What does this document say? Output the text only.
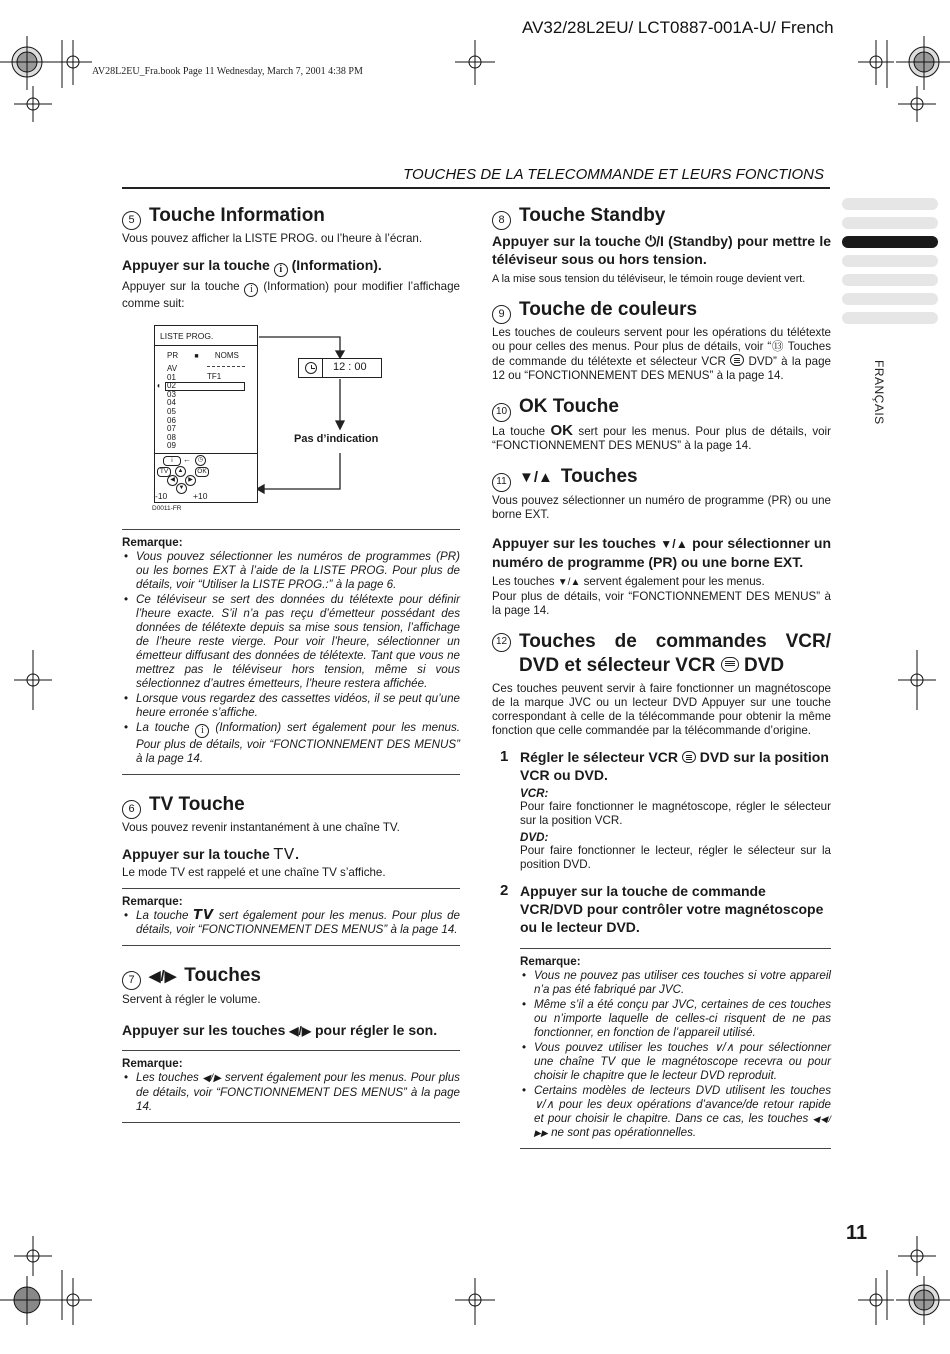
AV32/28L2EU/ LCT0887-001A-U/ French
AV28L2EU_Fra.book Page 11 Wednesday, March 7, 2001 4:38 PM
TOUCHES DE LA TELECOMMANDE ET LEURS FONCTIONS
FRANÇAIS
5 Touche Information

Vous pouvez afficher la LISTE PROG. ou l’heure à l’écran.

Appuyer sur la touche i (Information).

Appuyer sur la touche i (Information) pour modifier l’affichage comme suit:

LISTE PROG.
PR ■ NOMS
TF1
◖
AV
01
02
03
04
05
06
07
08
09
i	←	◷
TV	▲	OK
◀	▶
▼
-10	+10
D0011-FR
12 : 00
Pas d’indication
Remarque:
• Vous pouvez sélectionner les numéros de programmes (PR) ou les bornes EXT à l’aide de la LISTE PROG. Pour plus de détails, voir “Utiliser la LISTE PROG.:” à la page 6.
• Ce téléviseur se sert des données du télétexte pour définir l’heure exacte. S’il n’a pas reçu d’émetteur possédant des données de télétexte depuis sa mise sous tension, l’affichage de l’heure reste vierge. Pour voir l’heure, sélectionner un émetteur diffusant des données de télétexte. Tant que vous ne mettrez pas le téléviseur hors tension, même si vous sélectionnez d’autres émetteurs, l’heure restera affichée.
• Lorsque vous regardez des cassettes vidéos, il se peut qu’une heure erronée s’affiche.
• La touche i (Information) sert également pour les menus. Pour plus de détails, voir “FONCTIONNEMENT DES MENUS” à la page 14.
6 TV Touche

Vous pouvez revenir instantanément à une chaîne TV.

Appuyer sur la touche TV.

Le mode TV est rappelé et une chaîne TV s’affiche.

Remarque:
• La touche TV sert également pour les menus. Pour plus de détails, voir “FONCTIONNEMENT DES MENUS” à la page 14.
7 ◀/▶ Touches

Servent à régler le volume.

Appuyer sur les touches ◀/▶ pour régler le son.
Remarque:
• Les touches ◀/▶ servent également pour les menus. Pour plus de détails, voir “FONCTIONNEMENT DES MENUS” à la page 14.
8 Touche Standby
Appuyer sur la touche ⏻/I (Standby) pour mettre le téléviseur sous ou hors tension.

A la mise sous tension du téléviseur, le témoin rouge devient vert.

9 Touche de couleurs

Les touches de couleurs servent pour les opérations du télétexte ou pour celles des menus. Pour plus de détails, voir “⑬ Touches de commande du télétexte et sélecteur VCR DVD” à la page 12 ou “FONCTIONNEMENT DES MENUS” à la page 14.

10 OK Touche

La touche OK sert pour les menus. Pour plus de détails, voir “FONCTIONNEMENT DES MENUS” à la page 14.

11 ▼/▲ Touches

Vous pouvez sélectionner un numéro de programme (PR) ou une borne EXT.

Appuyer sur les touches ▼/▲ pour sélectionner un numéro de programme (PR) ou une borne EXT.

Les touches ▼/▲ servent également pour les menus.

Pour plus de détails, voir “FONCTIONNEMENT DES MENUS” à la page 14.

12 Touches de commandes VCR/
DVD et sélecteur VCR DVD

Ces touches peuvent servir à faire fonctionner un magnétoscope de la marque JVC ou un lecteur DVD Appuyer sur une touche correspondant à celle de la télécommande pour obtenir la même fonction que celle commandée par la télécommande d’origine.

1 Régler le sélecteur VCR DVD sur la position VCR ou DVD.
VCR:

Pour faire fonctionner le magnétoscope, régler le sélecteur sur la position VCR.

DVD:

Pour faire fonctionner le lecteur, régler le sélecteur sur la position DVD.

2 Appuyer sur la touche de commande VCR/DVD pour contrôler votre magnétoscope ou le lecteur DVD.
Remarque:
• Vous ne pouvez pas utiliser ces touches si votre appareil n’a pas été fabriqué par JVC.
• Même s’il a été conçu par JVC, certaines de ces touches ou n’importe laquelle de celles-ci risquent de ne pas fonctionner, en fonction de l’appareil utilisé.
• Vous pouvez utiliser les touches ∨/∧ pour sélectionner une chaîne TV que le magnétoscope recevra ou pour choisir le chapitre que le lecteur DVD reproduit.
• Certains modèles de lecteurs DVD utilisent les touches ∨/∧ pour les deux opérations d’avance/de retour rapide et pour choisir le chapitre. Dans ce cas, les touches ◀◀/▶▶ ne sont pas opérationnelles.
11
